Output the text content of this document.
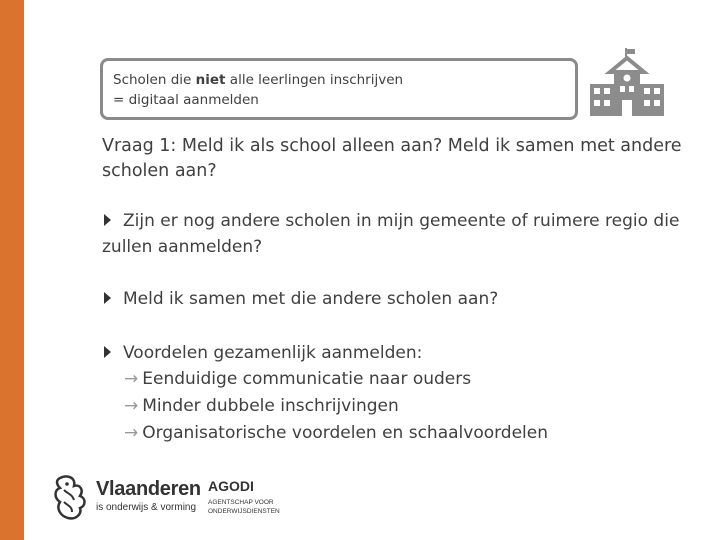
Scholen die niet alle leerlingen inschrijven
= digitaal aanmelden
Vraag 1: Meld ik als school alleen aan? Meld ik samen met andere scholen aan?
Zijn er nog andere scholen in mijn gemeente of ruimere regio die zullen aanmelden?
Meld ik samen met die andere scholen aan?
Voordelen gezamenlijk aanmelden:
→ Eenduidige communicatie naar ouders
→ Minder dubbele inschrijvingen
→ Organisatorische voordelen en schaalvoordelen
Vlaanderen
is onderwijs & vorming
AGODI
AGENTSCHAP VOOR
ONDERWIJSDIENSTEN
